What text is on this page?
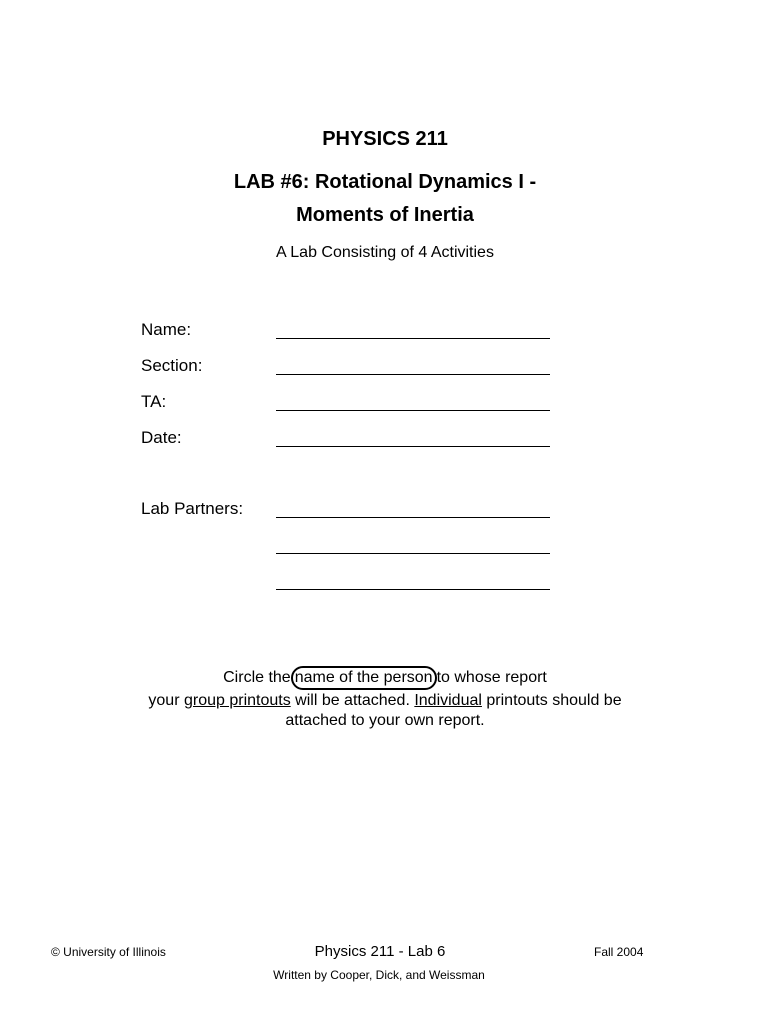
PHYSICS 211
LAB #6: Rotational Dynamics I -
Moments of Inertia
A Lab Consisting of 4 Activities
Name:
Section:
TA:
Date:
Lab Partners:
Circle the name of the person to whose report
your group printouts will be attached. Individual printouts should be
attached to your own report.
© University of Illinois	Physics 211 - Lab 6	Fall 2004
Written by Cooper, Dick, and Weissman
